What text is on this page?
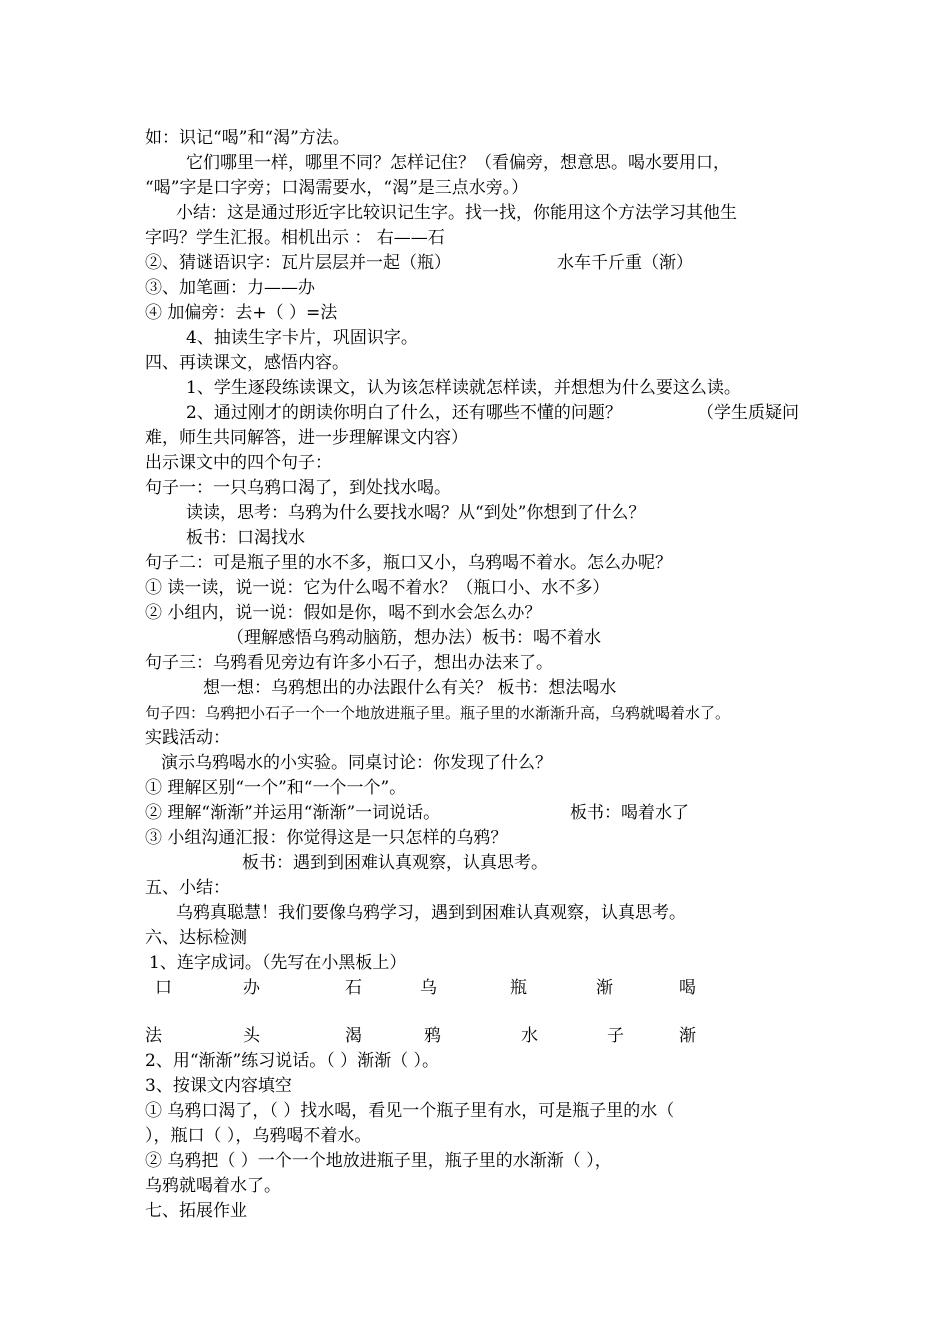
如：识记“喝”和“渴”方法。
它们哪里一样，哪里不同？怎样记住？（看偏旁，想意思。喝水要用口，
“喝”字是口字旁；口渴需要水，“渴”是三点水旁。）
小结：这是通过形近字比较识记生字。找一找，你能用这个方法学习其他生
字吗？学生汇报。相机出示 ： 右——石
②、猜谜语识字：瓦片层层并一起（瓶）	水车千斤重（渐）
③、加笔画：力——办
④ 加偏旁：去+（ ）=法
4、抽读生字卡片，巩固识字。
四、再读课文，感悟内容。
1、学生逐段练读课文，认为该怎样读就怎样读，并想想为什么要这么读。
2、通过刚才的朗读你明白了什么，还有哪些不懂的问题？	（学生质疑问
难，师生共同解答，进一步理解课文内容）
出示课文中的四个句子：
句子一：一只乌鸦口渴了，到处找水喝。
读读，思考：乌鸦为什么要找水喝？从“到处”你想到了什么？
板书：口渴找水
句子二：可是瓶子里的水不多，瓶口又小，乌鸦喝不着水。怎么办呢？
① 读一读，说一说：它为什么喝不着水？（瓶口小、水不多）
② 小组内，说一说：假如是你，喝不到水会怎么办？
（理解感悟乌鸦动脑筋，想办法）板书：喝不着水
句子三：乌鸦看见旁边有许多小石子，想出办法来了。
想一想：乌鸦想出的办法跟什么有关？ 板书：想法喝水
句子四：乌鸦把小石子一个一个地放进瓶子里。瓶子里的水渐渐升高，乌鸦就喝着水了。
实践活动：
演示乌鸦喝水的小实验。同桌讨论：你发现了什么？
① 理解区别“一个”和“一个一个”。
② 理解“渐渐”并运用“渐渐”一词说话。	板书：喝着水了
③ 小组沟通汇报：你觉得这是一只怎样的乌鸦？
板书：遇到到困难认真观察，认真思考。
五、小结：
乌鸦真聪慧！我们要像乌鸦学习，遇到到困难认真观察，认真思考。
六、达标检测
1、连字成词。（先写在小黑板上）
口	办	石	乌	瓶	渐	喝
法	头	渴	鸦	水	子	渐
2、用“渐渐”练习说话。（ ）渐渐（ ）。
3、按课文内容填空
① 乌鸦口渴了，（ ）找水喝，看见一个瓶子里有水，可是瓶子里的水（
），瓶口（ ），乌鸦喝不着水。
② 乌鸦把（ ）一个一个地放进瓶子里，瓶子里的水渐渐（ ），
乌鸦就喝着水了。
七、拓展作业
